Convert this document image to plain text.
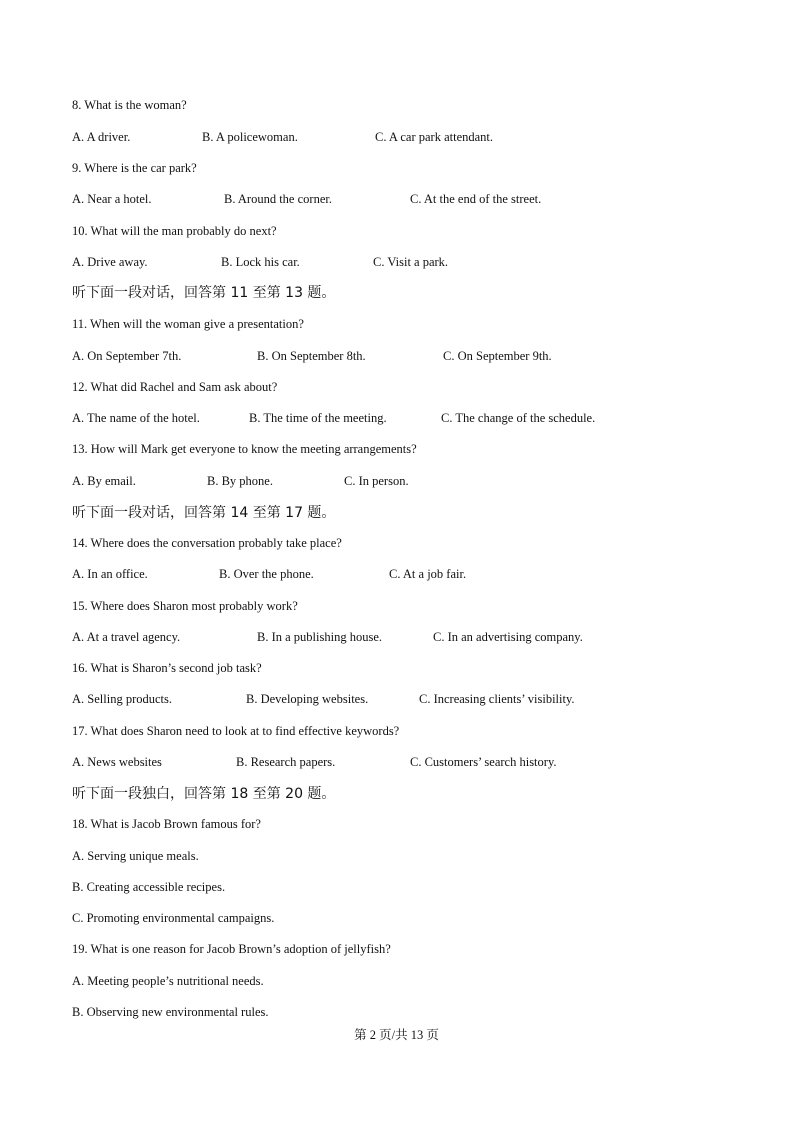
8. What is the woman?
A. A driver.	B. A policewoman.	C. A car park attendant.
9. Where is the car park?
A. Near a hotel.	B. Around the corner.	C. At the end of the street.
10. What will the man probably do next?
A. Drive away.	B. Lock his car.	C. Visit a park.
听下面一段对话，回答第 11 至第 13 题。
11. When will the woman give a presentation?
A. On September 7th.	B. On September 8th.	C. On September 9th.
12. What did Rachel and Sam ask about?
A. The name of the hotel.	B. The time of the meeting.	C. The change of the schedule.
13. How will Mark get everyone to know the meeting arrangements?
A. By email.	B. By phone.	C. In person.
听下面一段对话，回答第 14 至第 17 题。
14. Where does the conversation probably take place?
A. In an office.	B. Over the phone.	C. At a job fair.
15. Where does Sharon most probably work?
A. At a travel agency.	B. In a publishing house.	C. In an advertising company.
16. What is Sharon’s second job task?
A. Selling products.	B. Developing websites.	C. Increasing clients’ visibility.
17. What does Sharon need to look at to find effective keywords?
A. News websites	B. Research papers.	C. Customers’ search history.
听下面一段独白，回答第 18 至第 20 题。
18. What is Jacob Brown famous for?
A. Serving unique meals.
B. Creating accessible recipes.
C. Promoting environmental campaigns.
19. What is one reason for Jacob Brown’s adoption of jellyfish?
A. Meeting people’s nutritional needs.
B. Observing new environmental rules.
第 2 页/共 13 页
